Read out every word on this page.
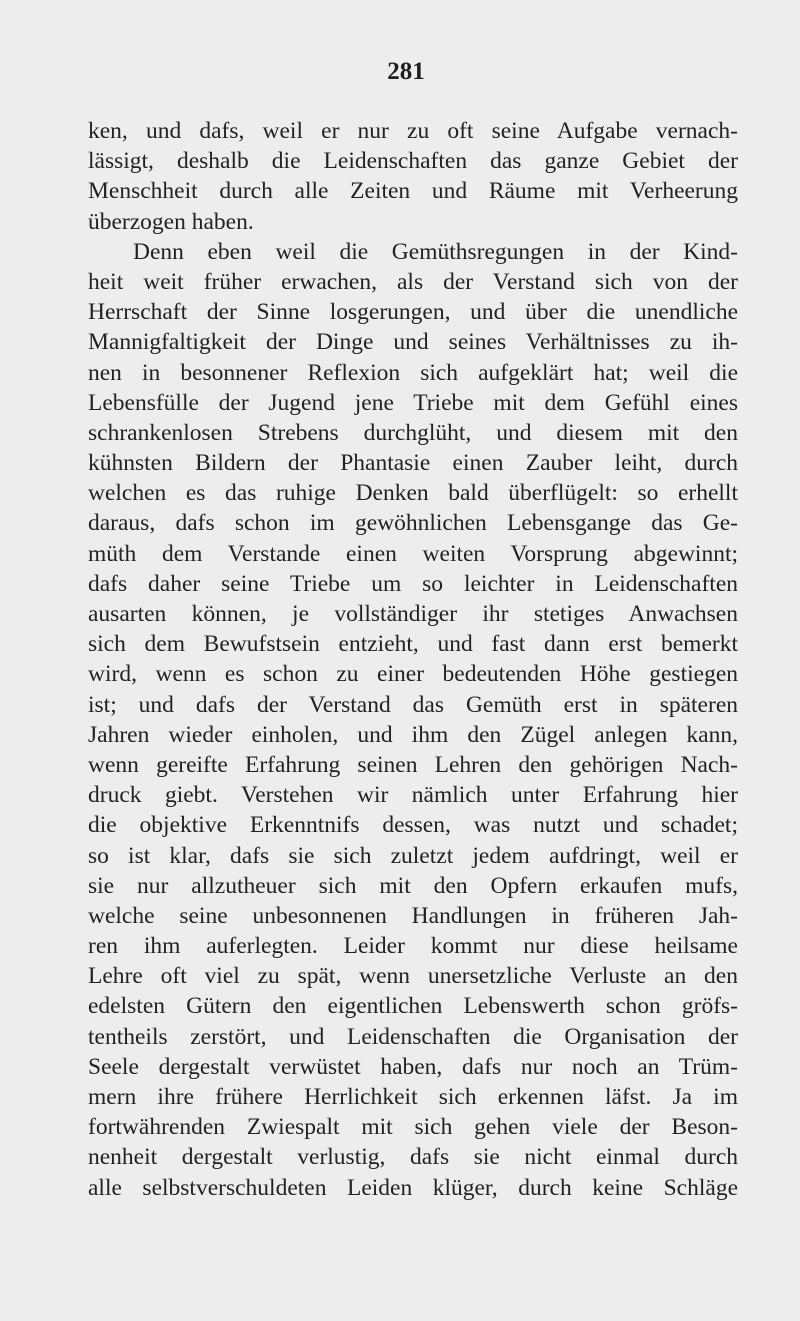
281
ken, und dafs, weil er nur zu oft seine Aufgabe vernach-
lässigt, deshalb die Leidenschaften das ganze Gebiet der
Menschheit durch alle Zeiten und Räume mit Verheerung
überzogen haben.
Denn eben weil die Gemüthsregungen in der Kind-
heit weit früher erwachen, als der Verstand sich von der
Herrschaft der Sinne losgerungen, und über die unendliche
Mannigfaltigkeit der Dinge und seines Verhältnisses zu ih-
nen in besonnener Reflexion sich aufgeklärt hat; weil die
Lebensfülle der Jugend jene Triebe mit dem Gefühl eines
schrankenlosen Strebens durchglüht, und diesem mit den
kühnsten Bildern der Phantasie einen Zauber leiht, durch
welchen es das ruhige Denken bald überflügelt: so erhellt
daraus, dafs schon im gewöhnlichen Lebensgange das Ge-
müth dem Verstande einen weiten Vorsprung abgewinnt;
dafs daher seine Triebe um so leichter in Leidenschaften
ausarten können, je vollständiger ihr stetiges Anwachsen
sich dem Bewufstsein entzieht, und fast dann erst bemerkt
wird, wenn es schon zu einer bedeutenden Höhe gestiegen
ist; und dafs der Verstand das Gemüth erst in späteren
Jahren wieder einholen, und ihm den Zügel anlegen kann,
wenn gereifte Erfahrung seinen Lehren den gehörigen Nach-
druck giebt. Verstehen wir nämlich unter Erfahrung hier
die objektive Erkenntnifs dessen, was nutzt und schadet;
so ist klar, dafs sie sich zuletzt jedem aufdringt, weil er
sie nur allzutheuer sich mit den Opfern erkaufen mufs,
welche seine unbesonnenen Handlungen in früheren Jah-
ren ihm auferlegten. Leider kommt nur diese heilsame
Lehre oft viel zu spät, wenn unersetzliche Verluste an den
edelsten Gütern den eigentlichen Lebenswerth schon gröfs-
tentheils zerstört, und Leidenschaften die Organisation der
Seele dergestalt verwüstet haben, dafs nur noch an Trüm-
mern ihre frühere Herrlichkeit sich erkennen läfst. Ja im
fortwährenden Zwiespalt mit sich gehen viele der Beson-
nenheit dergestalt verlustig, dafs sie nicht einmal durch
alle selbstverschuldeten Leiden klüger, durch keine Schläge
